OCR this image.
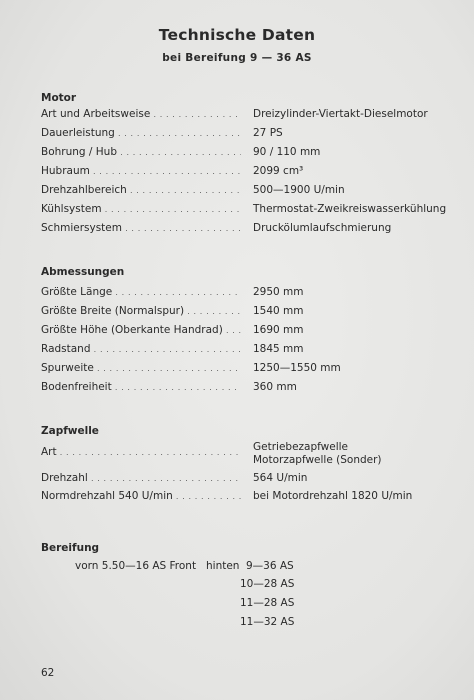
Technische Daten
bei Bereifung 9 — 36 AS
Motor
Art und Arbeitsweise . . .	Dreizylinder-Viertakt-Dieselmotor
Dauerleistung . . .	27 PS
Bohrung / Hub . . .	90 / 110 mm
Hubraum . . .	2099 cm³
Drehzahlbereich . . .	500—1900 U/min
Kühlsystem . . .	Thermostat-Zweikreiswasserkühlung
Schmiersystem . . .	Druckölumlaufschmierung
Abmessungen
Größte Länge . . .	2950 mm
Größte Breite (Normalspur) . . .	1540 mm
Größte Höhe (Oberkante Handrad) . . .	1690 mm
Radstand . . .	1845 mm
Spurweite . . .	1250—1550 mm
Bodenfreiheit . . .	360 mm
Zapfwelle
Art . . .	Getriebezapfwelle
Motorzapfwelle (Sonder)
Drehzahl . . .	564 U/min
Normdrehzahl 540 U/min . . .	bei Motordrehzahl 1820 U/min
Bereifung
vorn 5.50—16 AS Front hinten 9—36 AS
10—28 AS
11—28 AS
11—32 AS
62
